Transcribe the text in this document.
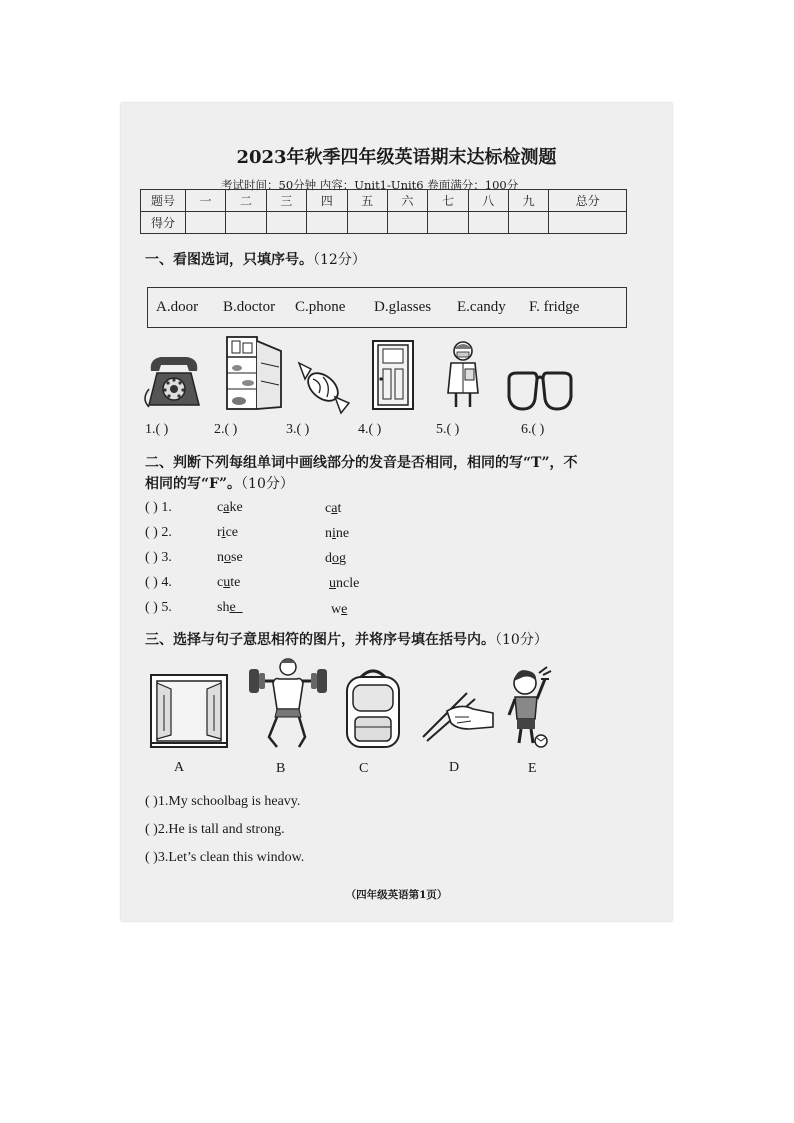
2023年秋季四年级英语期末达标检测题
考试时间：50分钟 内容：Unit1-Unit6 卷面满分：100分
题号	一	二	三	四	五	六	七	八	九	总分
得分										
一、看图选词，只填序号。（12分）
A.door B.doctor C.phone D.glasses E.candy F. fridge
1.( )	2.( )	3.( )	4.( )	5.( )	6.( )
二、判断下列每组单词中画线部分的发音是否相同，相同的写“T”，不
相同的写“F”。（10分）
( ) 1.	cake	cat
( ) 2.	rice	nine
( ) 3.	nose	dog
( ) 4.	cute	uncle
( ) 5.	she	we
三、选择与句子意思相符的图片，并将序号填在括号内。（10分）
A	B	C	D	E
( )1.My schoolbag is heavy.
( )2.He is tall and strong.
( )3.Let’s clean this window.
（四年级英语第1页）
